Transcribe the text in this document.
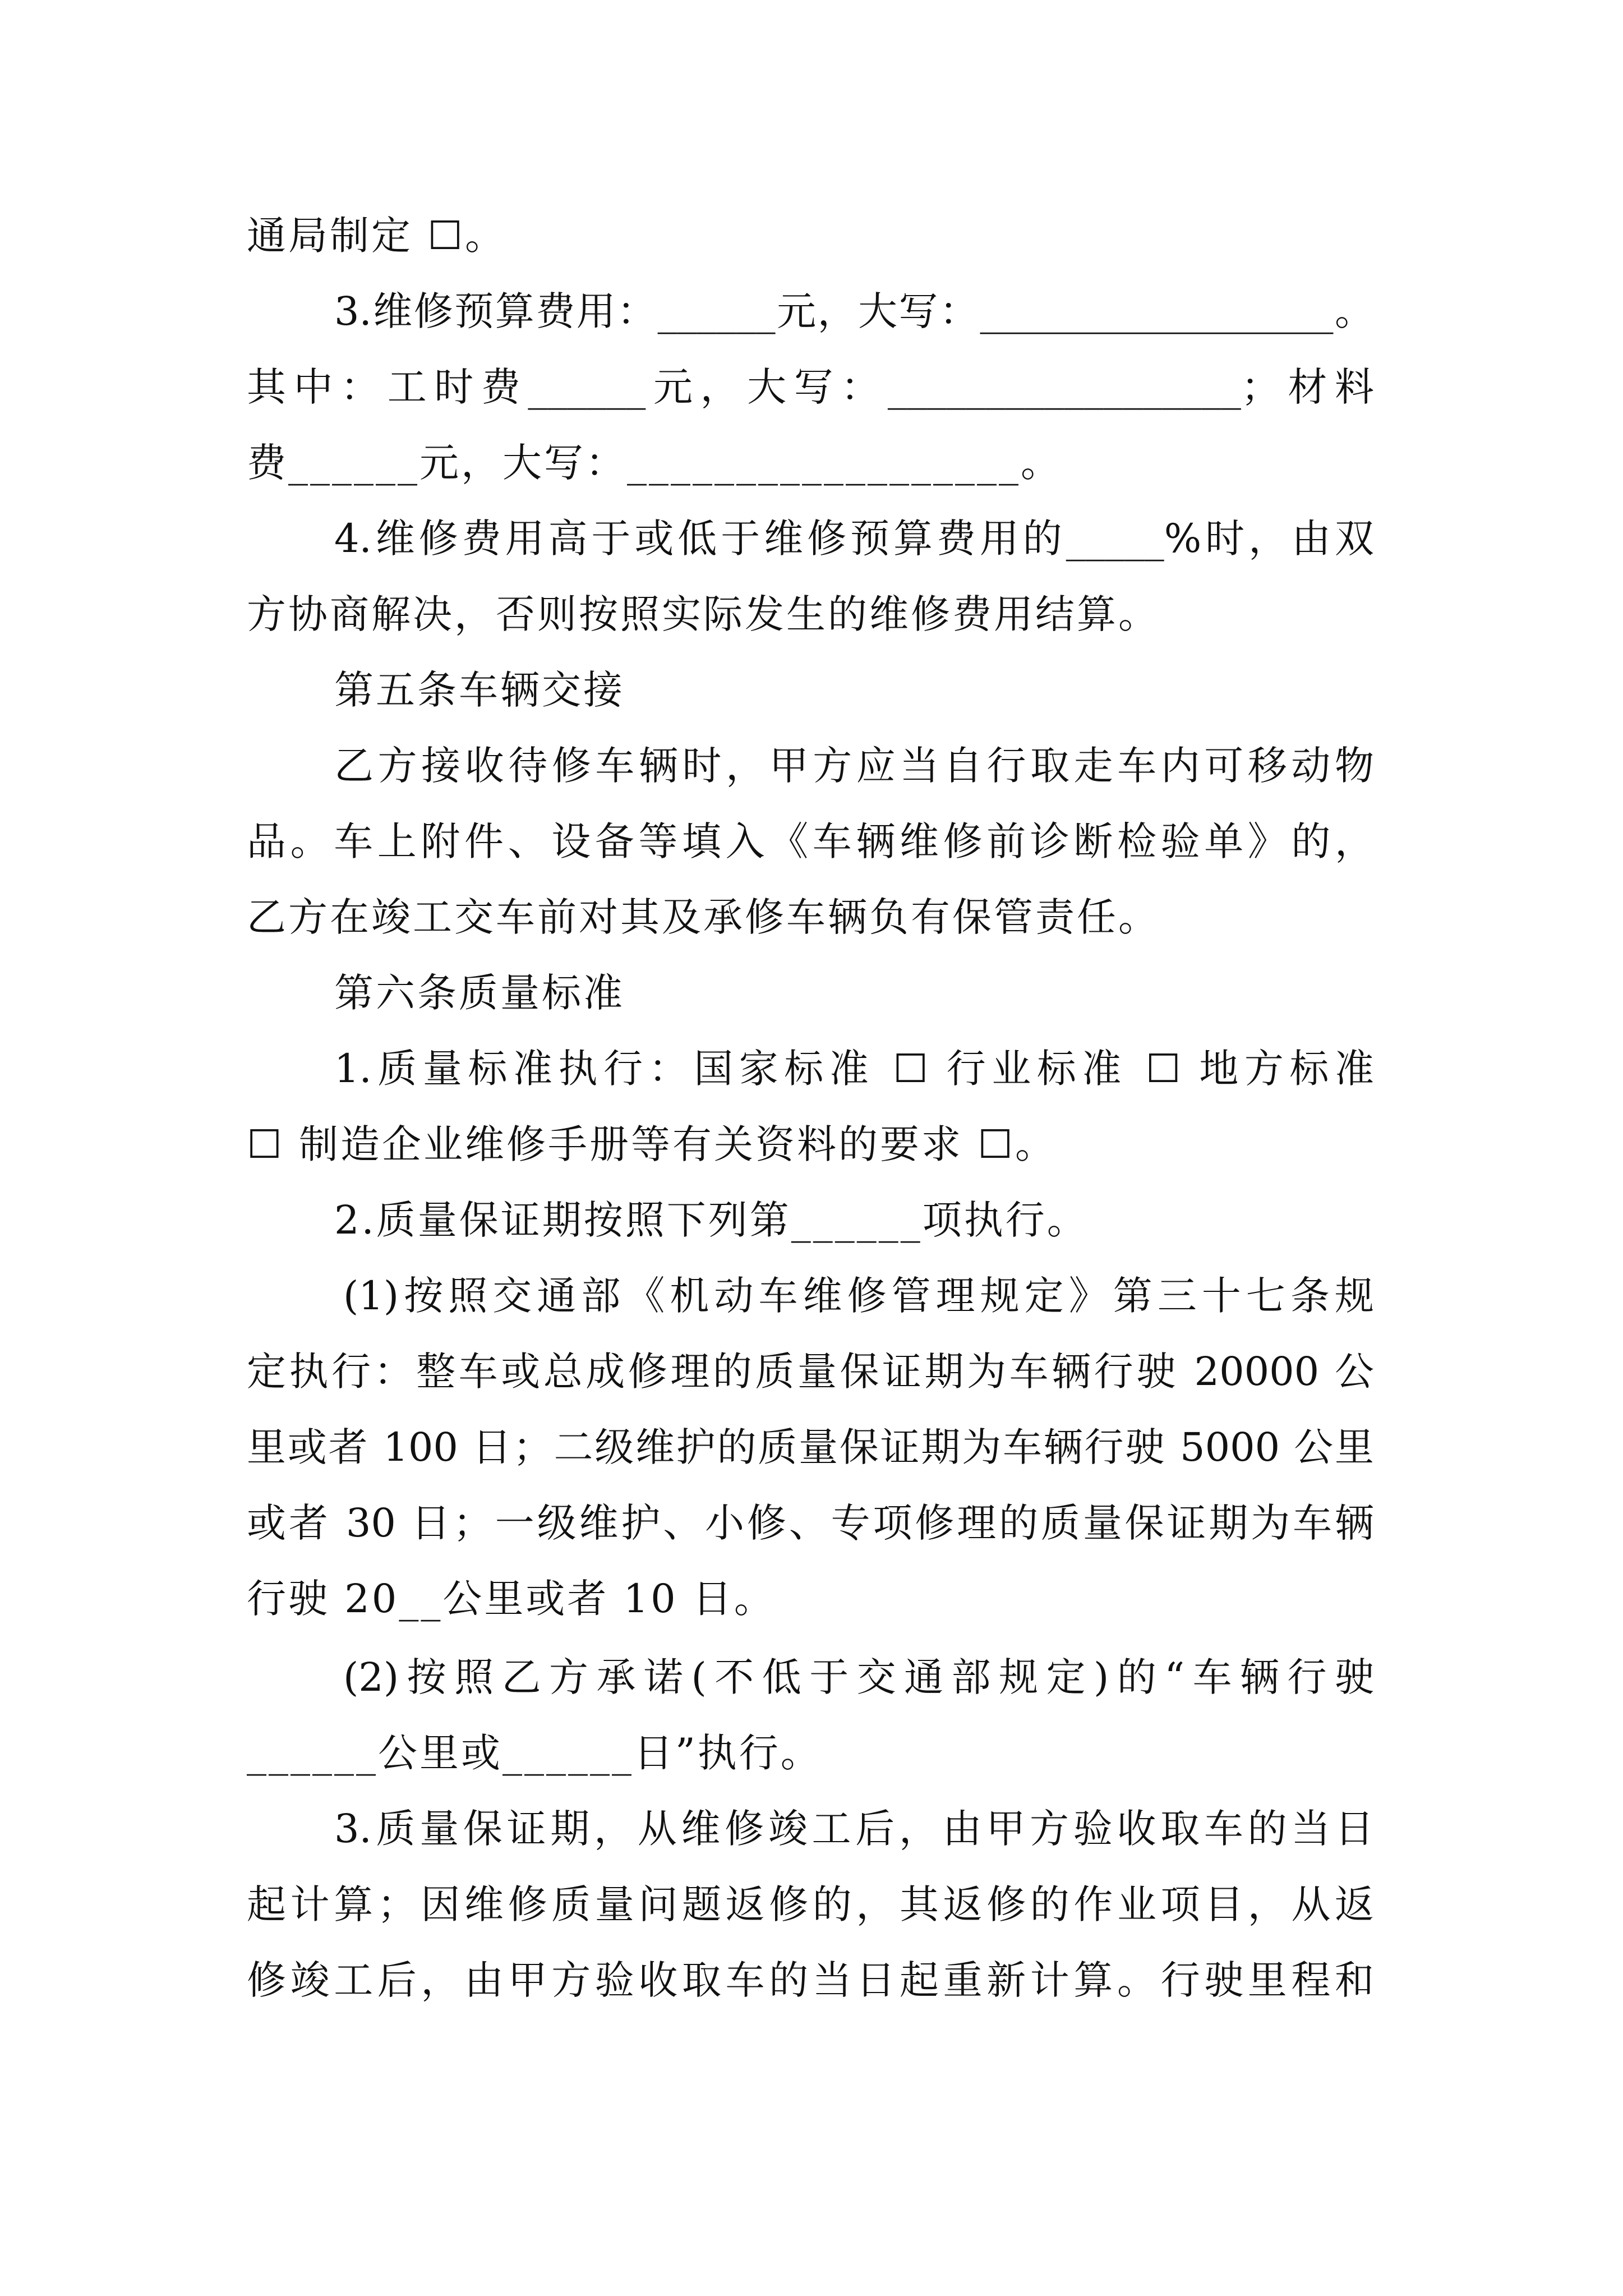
通局制定 ☐。
3.维修预算费用：______元，大写：__________________。
其中：工时费______元，大写：__________________；材料
费______元，大写：__________________。
4.维修费用高于或低于维修预算费用的_____%时，由双
方协商解决，否则按照实际发生的维修费用结算。
第五条车辆交接
乙方接收待修车辆时，甲方应当自行取走车内可移动物
品。车上附件、设备等填入《车辆维修前诊断检验单》的，
乙方在竣工交车前对其及承修车辆负有保管责任。
第六条质量标准
1.质量标准执行：国家标准 ☐ 行业标准 ☐ 地方标准
☐ 制造企业维修手册等有关资料的要求 ☐。
2.质量保证期按照下列第______项执行。
(1)按照交通部《机动车维修管理规定》第三十七条规
定执行：整车或总成修理的质量保证期为车辆行驶 20000 公
里或者 100 日；二级维护的质量保证期为车辆行驶 5000 公里
或者 30 日；一级维护、小修、专项修理的质量保证期为车辆
行驶 20__公里或者 10 日。
(2)按照乙方承诺(不低于交通部规定)的“车辆行驶
______公里或______日”执行。
3.质量保证期，从维修竣工后，由甲方验收取车的当日
起计算；因维修质量问题返修的，其返修的作业项目，从返
修竣工后，由甲方验收取车的当日起重新计算。行驶里程和
